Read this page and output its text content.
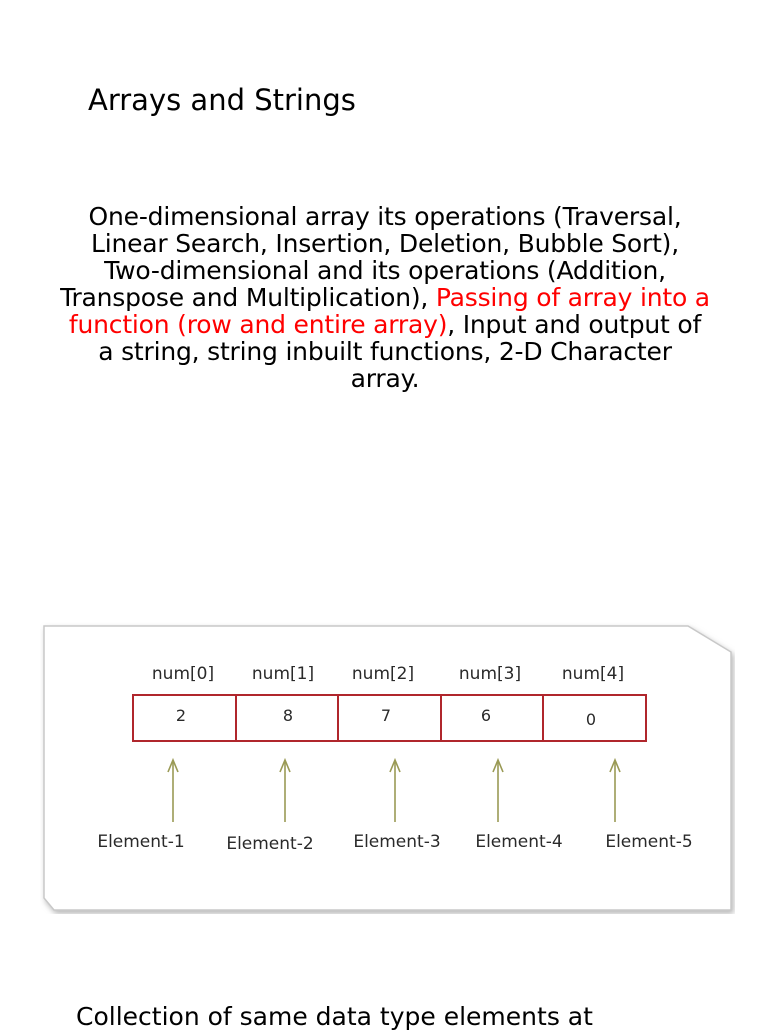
Arrays and Strings
One-dimensional array its operations (Traversal, Linear Search, Insertion, Deletion, Bubble Sort), Two-dimensional and its operations (Addition, Transpose and Multiplication), Passing of array into a function (row and entire array), Input and output of a string, string inbuilt functions, 2-D Character array.
num[0] num[1] num[2]	num[3] num[4]
2	8	7	6	0
Element-1 Element-2 Element-3 Element-4	Element-5
Collection of same data type elements at
